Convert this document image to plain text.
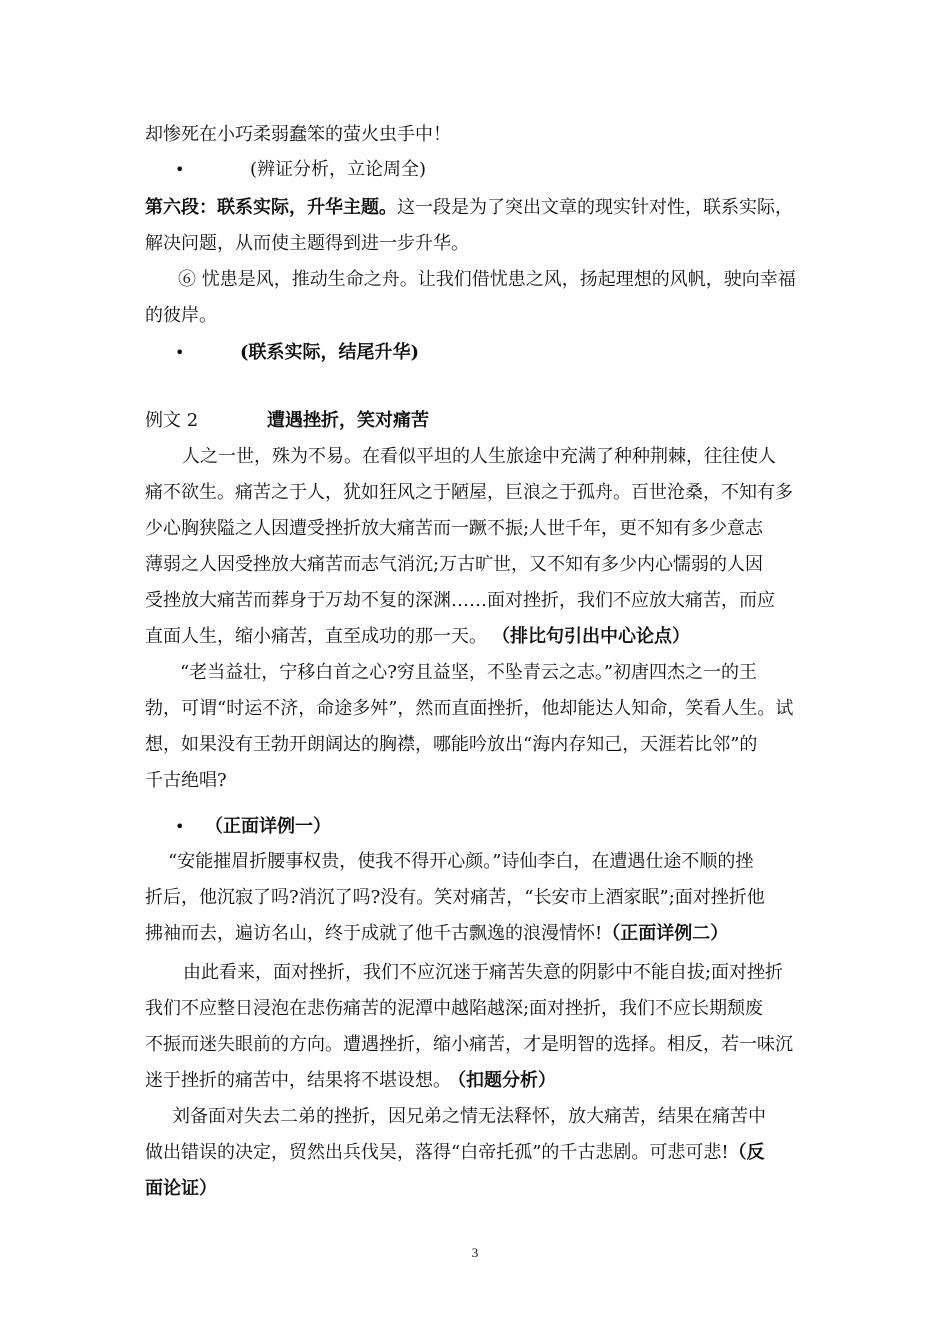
却惨死在小巧柔弱蠢笨的萤火虫手中！
•	(辨证分析，立论周全)
第六段：联系实际，升华主题。这一段是为了突出文章的现实针对性，联系实际，
解决问题，从而使主题得到进一步升华。
⑥ 忧患是风，推动生命之舟。让我们借忧患之风，扬起理想的风帆，驶向幸福
的彼岸。
•	(联系实际，结尾升华)
例文 2	遭遇挫折，笑对痛苦
人之一世，殊为不易。在看似平坦的人生旅途中充满了种种荆棘，往往使人
痛不欲生。痛苦之于人，犹如狂风之于陋屋，巨浪之于孤舟。百世沧桑，不知有多
少心胸狭隘之人因遭受挫折放大痛苦而一蹶不振;人世千年，更不知有多少意志
薄弱之人因受挫放大痛苦而志气消沉;万古旷世，又不知有多少内心懦弱的人因
受挫放大痛苦而葬身于万劫不复的深渊……面对挫折，我们不应放大痛苦，而应
直面人生，缩小痛苦，直至成功的那一天。 （排比句引出中心论点）
“老当益壮，宁移白首之心?穷且益坚，不坠青云之志。”初唐四杰之一的王
勃，可谓“时运不济，命途多舛”，然而直面挫折，他却能达人知命，笑看人生。试
想，如果没有王勃开朗阔达的胸襟，哪能吟放出“海内存知己，天涯若比邻”的
千古绝唱?
• （正面详例一）
“安能摧眉折腰事权贵，使我不得开心颜。”诗仙李白，在遭遇仕途不顺的挫
折后，他沉寂了吗?消沉了吗?没有。笑对痛苦，“长安市上酒家眠”;面对挫折他
拂袖而去，遍访名山，终于成就了他千古飘逸的浪漫情怀!（正面详例二）
由此看来，面对挫折，我们不应沉迷于痛苦失意的阴影中不能自拔;面对挫折
我们不应整日浸泡在悲伤痛苦的泥潭中越陷越深;面对挫折，我们不应长期颓废
不振而迷失眼前的方向。遭遇挫折，缩小痛苦，才是明智的选择。相反，若一味沉
迷于挫折的痛苦中，结果将不堪设想。 （扣题分析）
刘备面对失去二弟的挫折，因兄弟之情无法释怀，放大痛苦，结果在痛苦中
做出错误的决定，贸然出兵伐吴，落得“白帝托孤”的千古悲剧。可悲可悲!（反
面论证）
3
